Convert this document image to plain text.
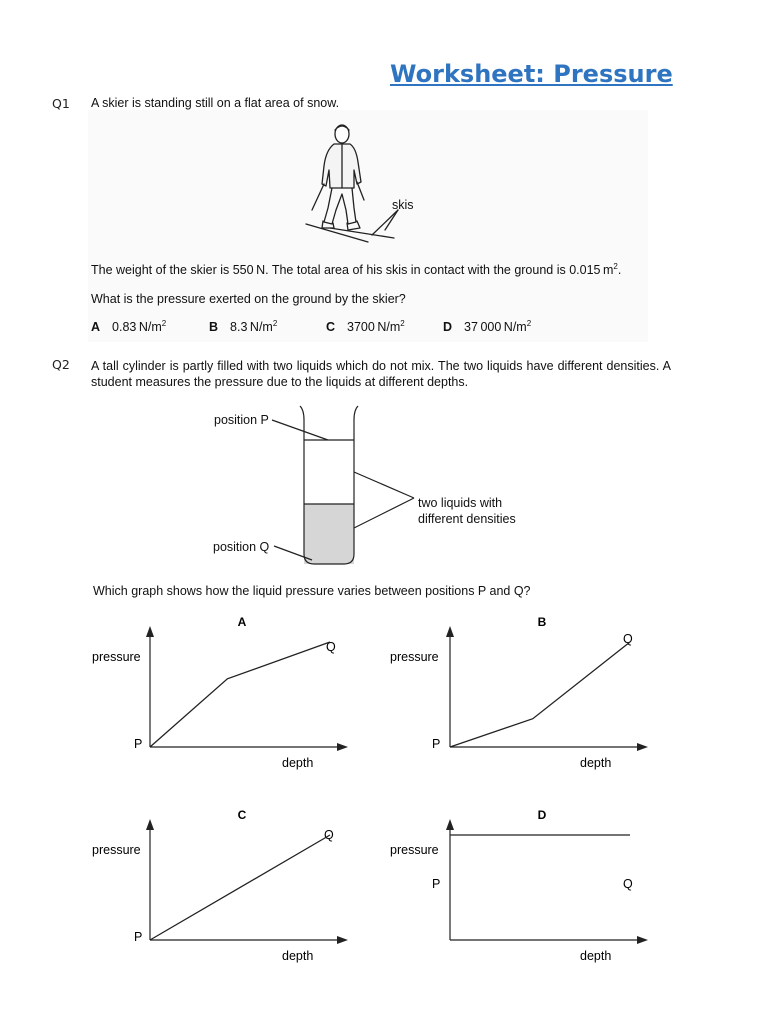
Worksheet: Pressure
Q1 A skier is standing still on a flat area of snow.
skis
The weight of the skier is 550 N. The total area of his skis in contact with the ground is 0.015 $m^2$.
What is the pressure exerted on the ground by the skier?
A 0.83 $N/m^2$	B 8.3 $N/m^2$	C 3700 $N/m^2$	D 37 000 $N/m^2$
Q2 A tall cylinder is partly filled with two liquids which do not mix. The two liquids have different densities. A student measures the pressure due to the liquids at different depths.
position P
position Q
two liquids with
different densities
Which graph shows how the liquid pressure varies between positions P and Q?
A
pressure
depth
P
Q
B
pressure
depth
P
Q
C
pressure
depth
P
Q
D
pressure
depth
P	Q
